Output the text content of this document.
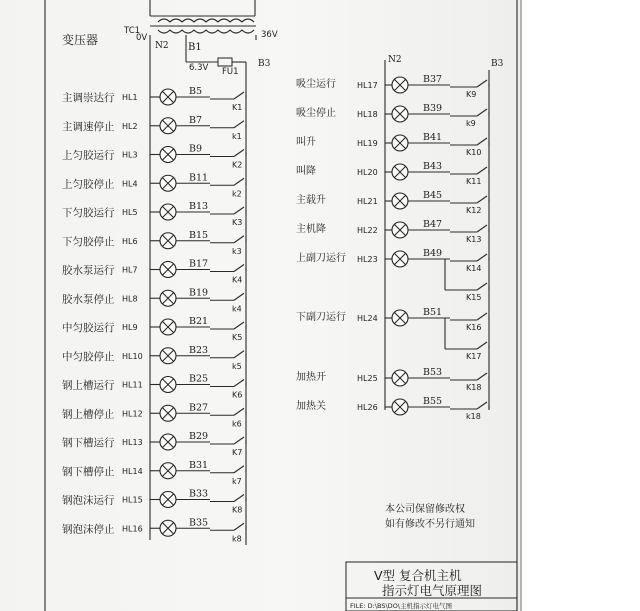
变压器
TC1
0V	36V
6.3V FU1
N2 B1
B3
主调崇达行 HL1
B5
K1
主调速停止 HL2
B7
k1
上匀胶运行 HL3
B9
K2
上匀胶停止 HL4
B11
k2
下匀胶运行 HL5
B13
K3
下匀胶停止 HL6
B15
k3
胶水泵运行 HL7
B17
K4
胶水泵停止 HL8
B19
k4
中匀胶运行 HL9
B21
K5
中匀胶停止 HL10
B23
k5
钢上槽运行 HL11
B25
K6
钢上槽停止 HL12
B27
k6
钢下槽运行 HL13
B29
K7
钢下槽停止 HL14
B31
k7
钢泡沫运行 HL15
B33
K8
钢泡沫停止 HL16
B35
k8
N2	B3
吸尘运行	HL17
B37
K9
吸尘停止	HL18
B39
k9
叫升	HL19
B41
K10
叫降	HL20
B43
K11
主载升	HL21
B45
K12
主机降	HL22
B47
K13
上副刀运行 HL23
B49
K14
K15
下副刀运行 HL24
B51
K16
K17
加热开	HL25
B53
K18
加热关	HL26
B55
k18
本公司保留修改权
如有修改不另行通知
V型 复合机主机
指示灯电气原理图
FILE: D:\BS\DO\主机指示灯电气图
